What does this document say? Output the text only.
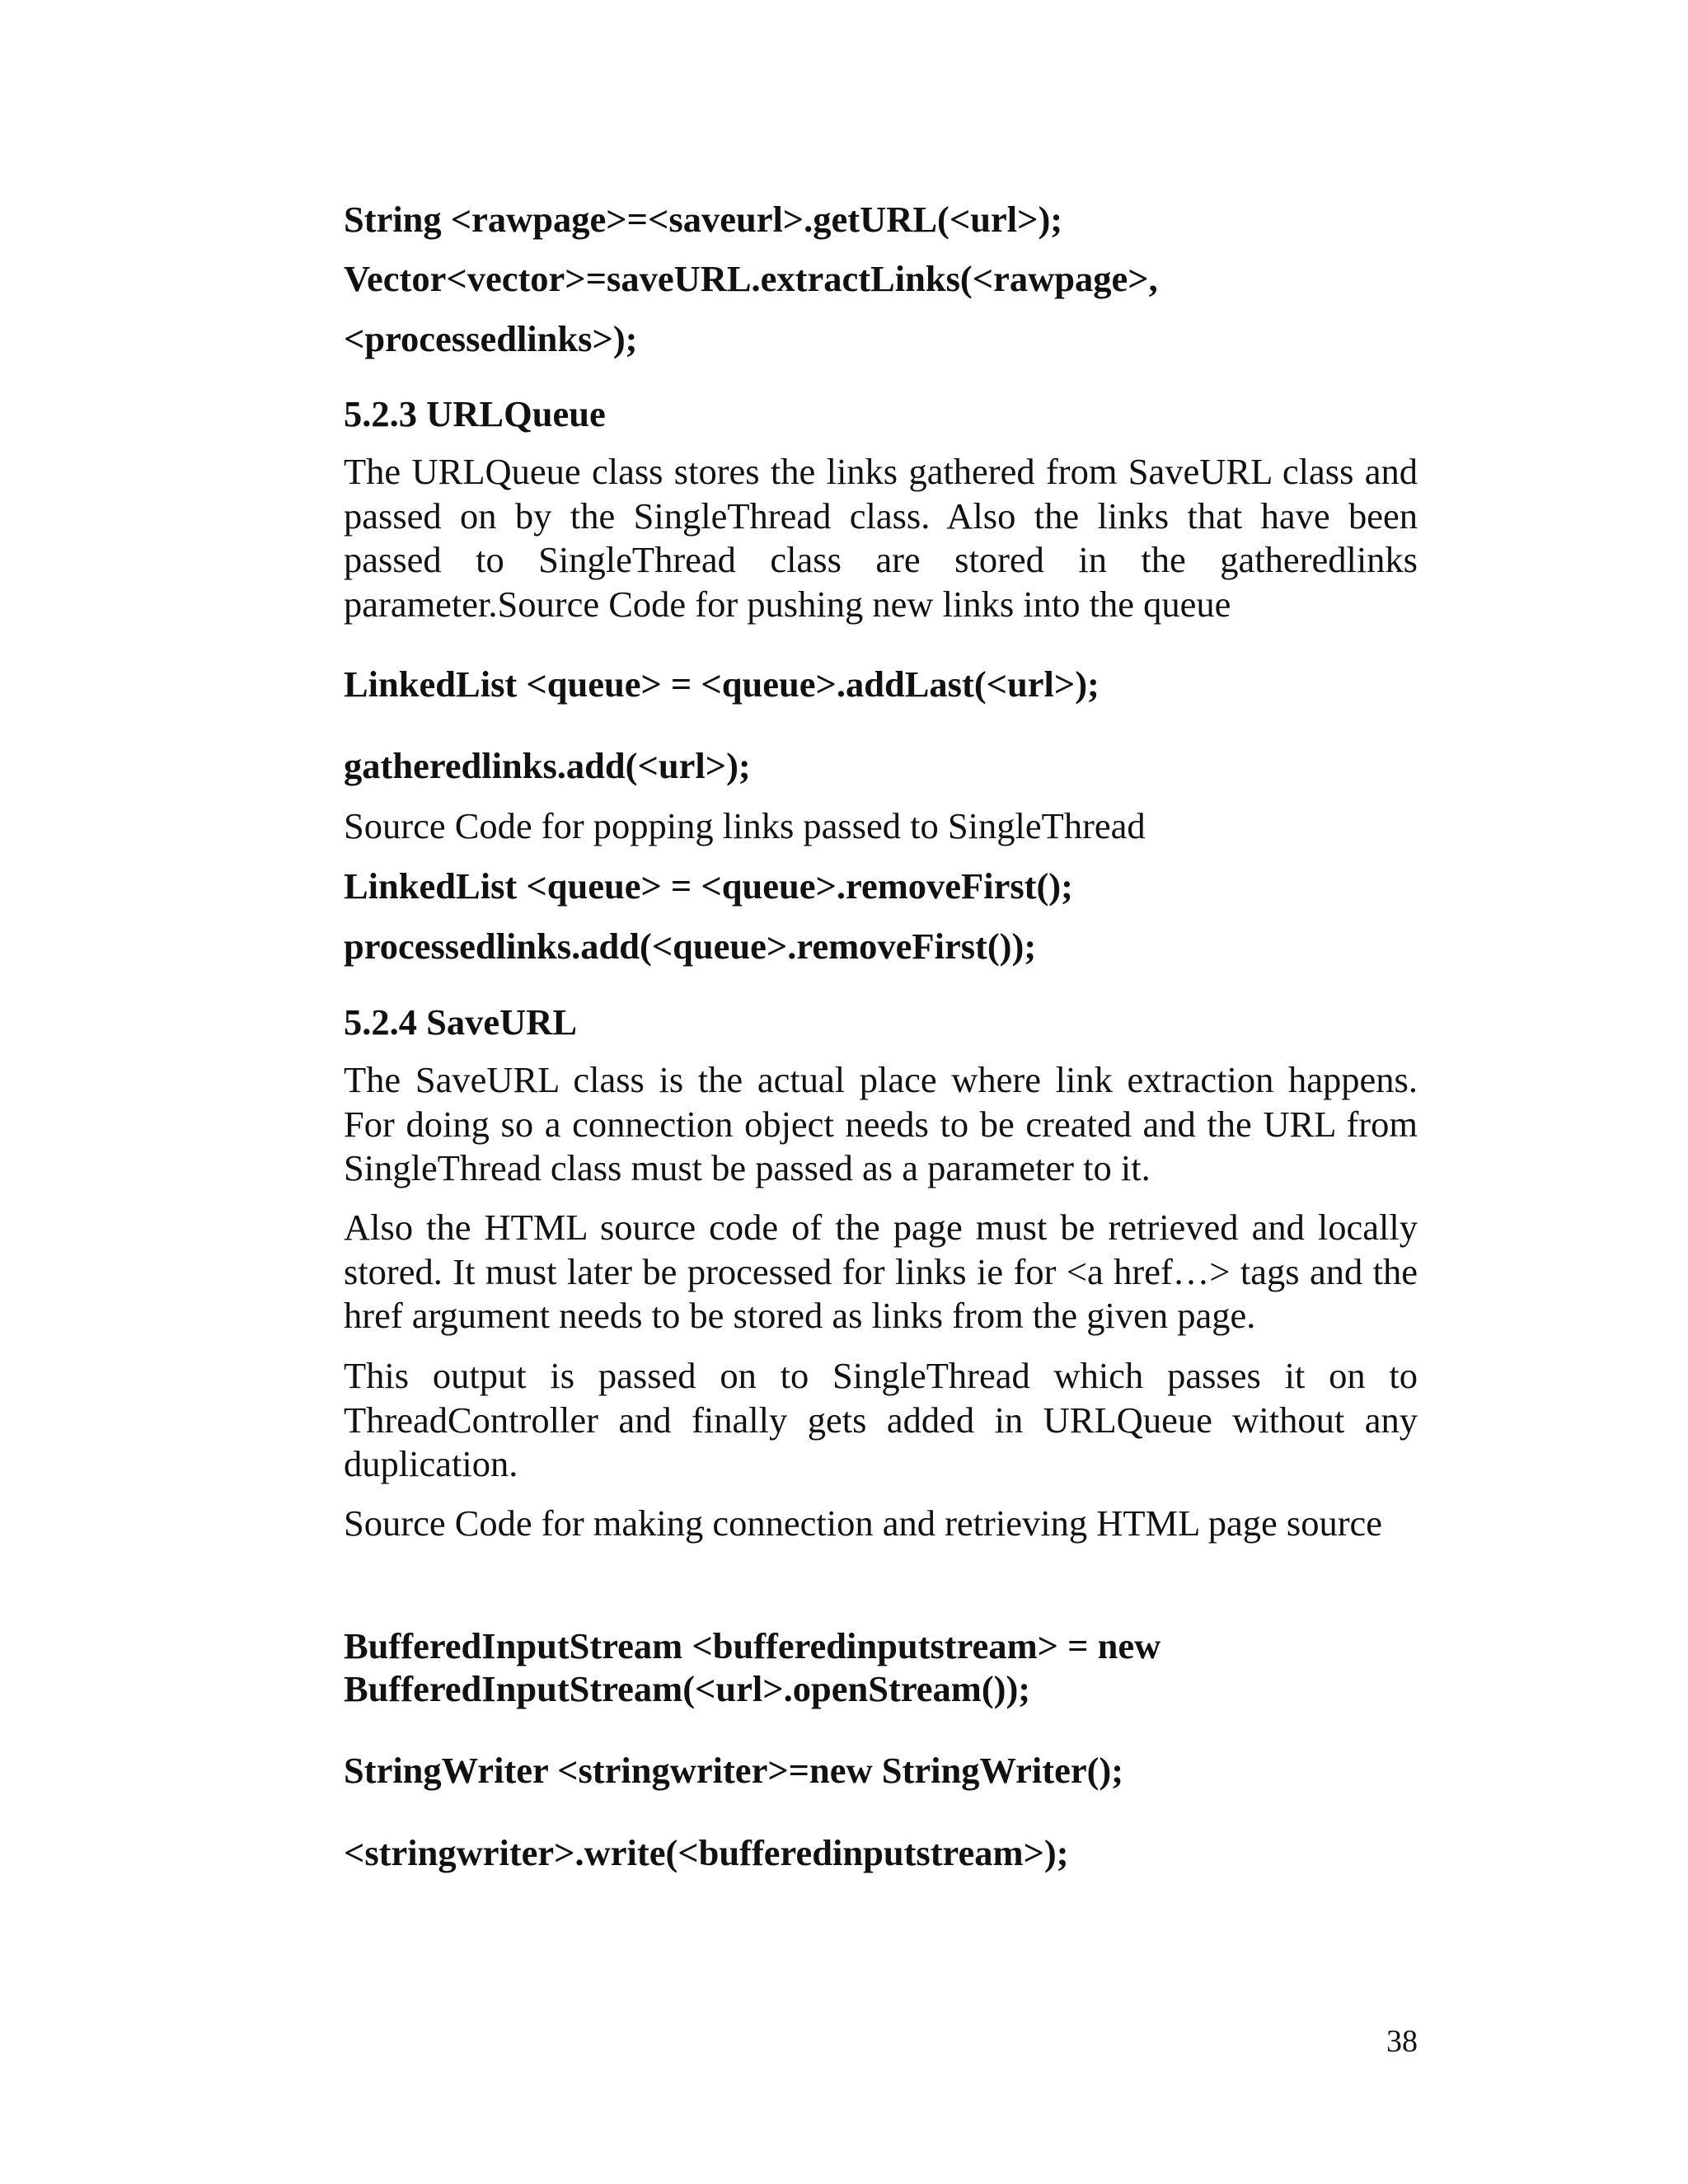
String <rawpage>=<saveurl>.getURL(<url>);
Vector<vector>=saveURL.extractLinks(<rawpage>,
<processedlinks>);
5.2.3 URLQueue
The URLQueue class stores the links gathered from SaveURL class and passed on by the SingleThread class. Also the links that have been passed to SingleThread class are stored in the gatheredlinks parameter.Source Code for pushing new links into the queue
LinkedList <queue> = <queue>.addLast(<url>);
gatheredlinks.add(<url>);
Source Code for popping links passed to SingleThread
LinkedList <queue> = <queue>.removeFirst();
processedlinks.add(<queue>.removeFirst());
5.2.4 SaveURL
The SaveURL class is the actual place where link extraction happens. For doing so a connection object needs to be created and the URL from SingleThread class must be passed as a parameter to it.
Also the HTML source code of the page must be retrieved and locally stored. It must later be processed for links ie for <a href…> tags and the href argument needs to be stored as links from the given page.
This output is passed on to SingleThread which passes it on to ThreadController and finally gets added in URLQueue without any duplication.
Source Code for making connection and retrieving HTML page source
BufferedInputStream <bufferedinputstream> = new
BufferedInputStream(<url>.openStream());
StringWriter <stringwriter>=new StringWriter();
<stringwriter>.write(<bufferedinputstream>);
38
